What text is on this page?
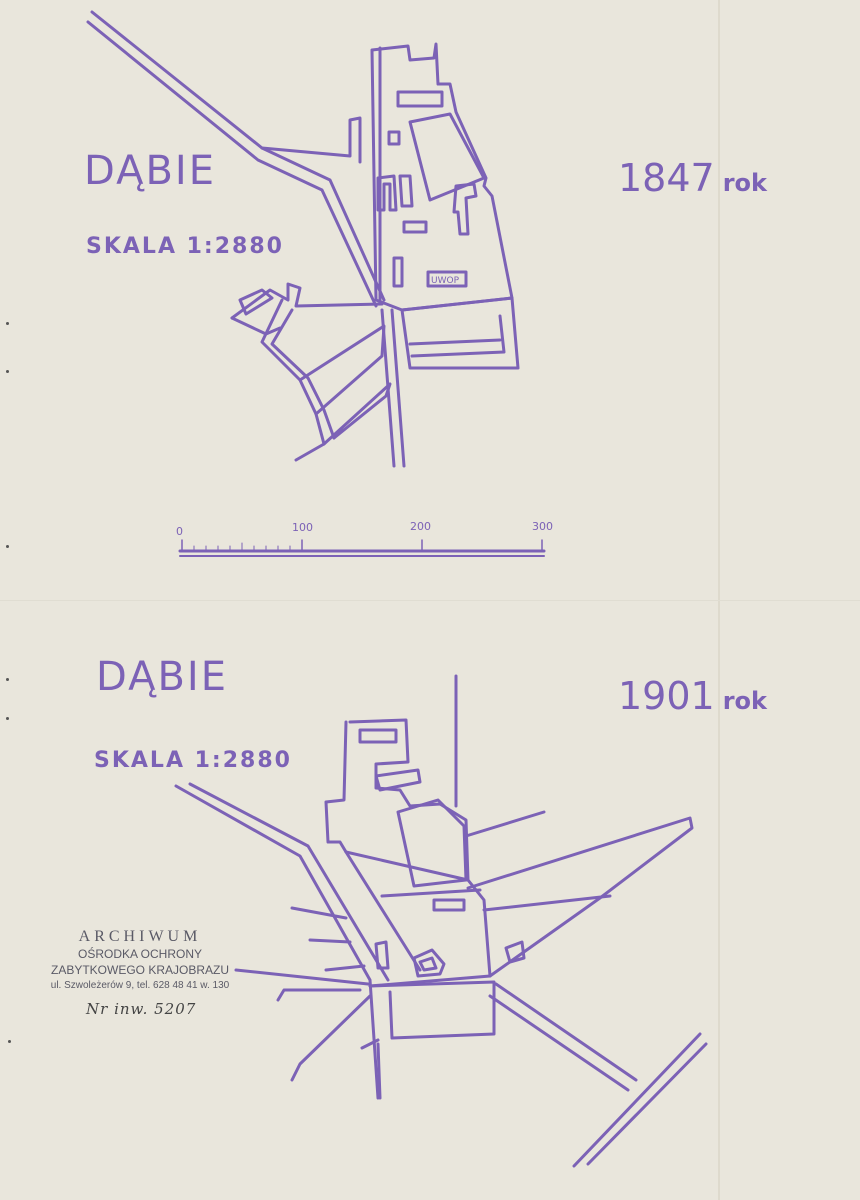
0	100	200	300
UWOP
DĄBIE
SKALA 1:2880
1847 rok
DĄBIE
SKALA 1:2880
1901 rok
ARCHIWUM
OŚRODKA OCHRONY
ZABYTKOWEGO KRAJOBRAZU
ul. Szwoleżerów 9, tel. 628 48 41 w. 130
Nr inw. 5207
